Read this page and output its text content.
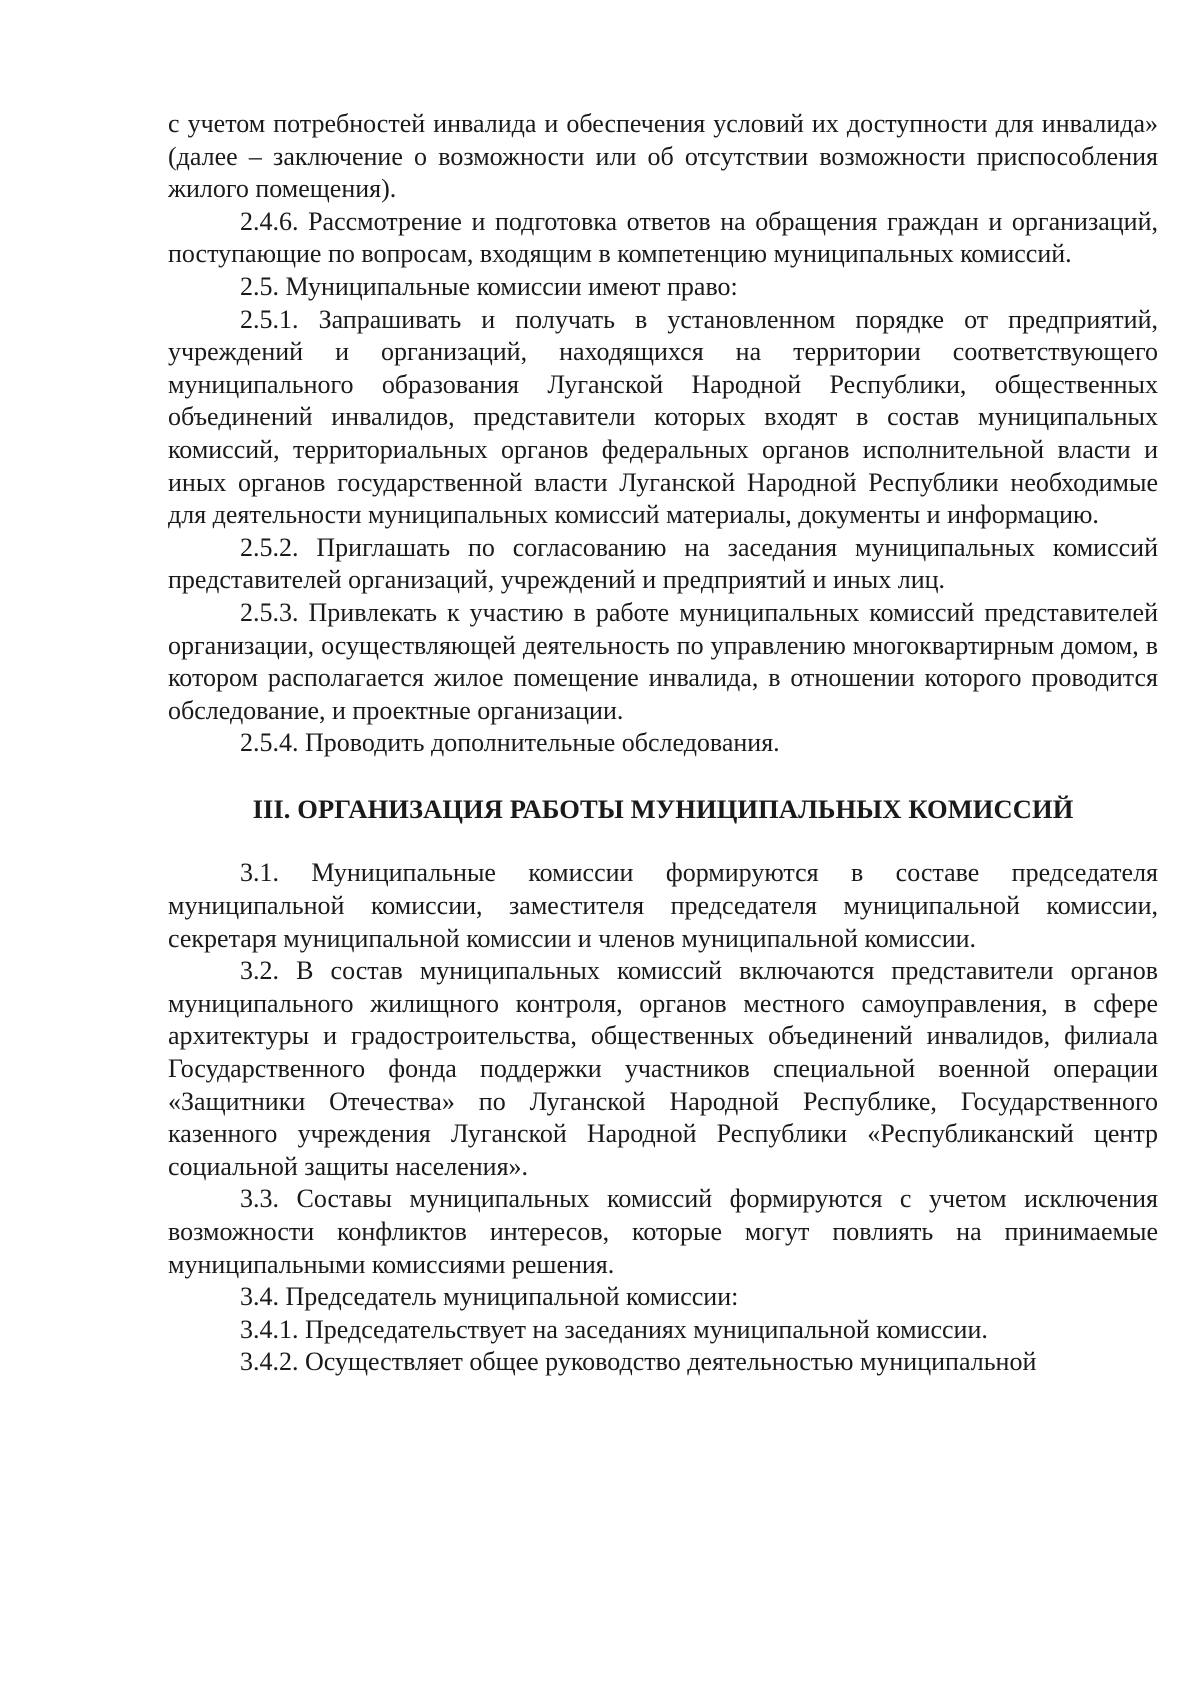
с учетом потребностей инвалида и обеспечения условий их доступности для инвалида» (далее – заключение о возможности или об отсутствии возможности приспособления жилого помещения).

2.4.6. Рассмотрение и подготовка ответов на обращения граждан и организаций, поступающие по вопросам, входящим в компетенцию муниципальных комиссий.

2.5. Муниципальные комиссии имеют право:

2.5.1. Запрашивать и получать в установленном порядке от предприятий, учреждений и организаций, находящихся на территории соответствующего муниципального образования Луганской Народной Республики, общественных объединений инвалидов, представители которых входят в состав муниципальных комиссий, территориальных органов федеральных органов исполнительной власти и иных органов государственной власти Луганской Народной Республики необходимые для деятельности муниципальных комиссий материалы, документы и информацию.

2.5.2. Приглашать по согласованию на заседания муниципальных комиссий представителей организаций, учреждений и предприятий и иных лиц.

2.5.3. Привлекать к участию в работе муниципальных комиссий представителей организации, осуществляющей деятельность по управлению многоквартирным домом, в котором располагается жилое помещение инвалида, в отношении которого проводится обследование, и проектные организации.

2.5.4. Проводить дополнительные обследования.

III. ОРГАНИЗАЦИЯ РАБОТЫ МУНИЦИПАЛЬНЫХ КОМИССИЙ

3.1. Муниципальные комиссии формируются в составе председателя муниципальной комиссии, заместителя председателя муниципальной комиссии, секретаря муниципальной комиссии и членов муниципальной комиссии.

3.2. В состав муниципальных комиссий включаются представители органов муниципального жилищного контроля, органов местного самоуправления, в сфере архитектуры и градостроительства, общественных объединений инвалидов, филиала Государственного фонда поддержки участников специальной военной операции «Защитники Отечества» по Луганской Народной Республике, Государственного казенного учреждения Луганской Народной Республики «Республиканский центр социальной защиты населения».

3.3. Составы муниципальных комиссий формируются с учетом исключения возможности конфликтов интересов, которые могут повлиять на принимаемые муниципальными комиссиями решения.

3.4. Председатель муниципальной комиссии:

3.4.1. Председательствует на заседаниях муниципальной комиссии.

3.4.2. Осуществляет общее руководство деятельностью муниципальной
